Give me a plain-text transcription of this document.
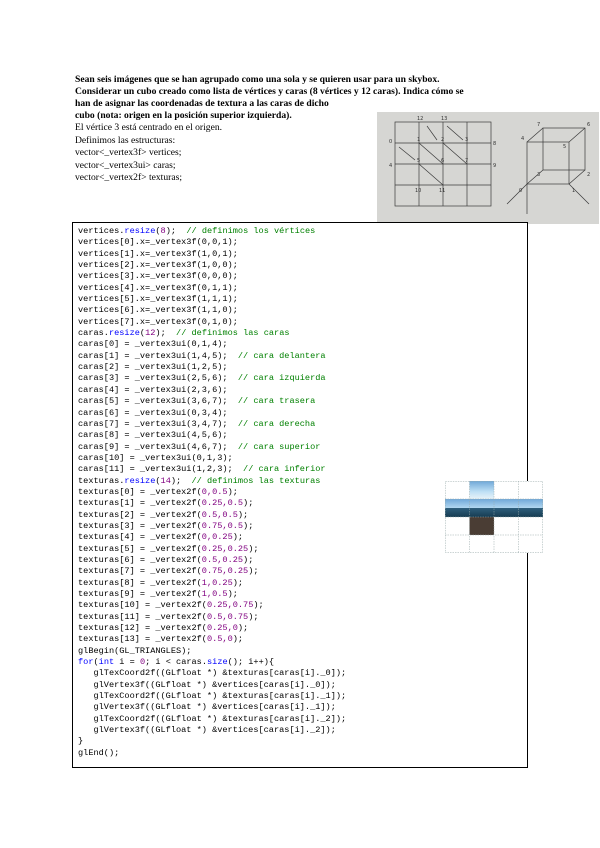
Sean seis imágenes que se han agrupado como una sola y se quieren usar para un skybox.
Considerar un cubo creado como lista de vértices y caras (8 vértices y 12 caras). Indica cómo se
han de asignar las coordenadas de textura a las caras de dicho
cubo (nota: origen en la posición superior izquierda).
El vértice 3 está centrado en el origen.
Definimos las estructuras:
vector<_vertex3f> vertices;
vector<_vertex3ui> caras;
vector<_vertex2f> texturas;
0	1	2	3
4
5	6	7
8
9
10	11
12	13
4
5
7	6
3	2
0	1
vertices.resize(8);  // definimos los vértices
vertices[0].x=_vertex3f(0,0,1);
vertices[1].x=_vertex3f(1,0,1);
vertices[2].x=_vertex3f(1,0,0);
vertices[3].x=_vertex3f(0,0,0);
vertices[4].x=_vertex3f(0,1,1);
vertices[5].x=_vertex3f(1,1,1);
vertices[6].x=_vertex3f(1,1,0);
vertices[7].x=_vertex3f(0,1,0);
caras.resize(12);  // definimos las caras
caras[0] = _vertex3ui(0,1,4);
caras[1] = _vertex3ui(1,4,5);  // cara delantera
caras[2] = _vertex3ui(1,2,5);
caras[3] = _vertex3ui(2,5,6);  // cara izquierda
caras[4] = _vertex3ui(2,3,6);
caras[5] = _vertex3ui(3,6,7);  // cara trasera
caras[6] = _vertex3ui(0,3,4);
caras[7] = _vertex3ui(3,4,7);  // cara derecha
caras[8] = _vertex3ui(4,5,6);
caras[9] = _vertex3ui(4,6,7);  // cara superior
caras[10] = _vertex3ui(0,1,3);
caras[11] = _vertex3ui(1,2,3);  // cara inferior
texturas.resize(14);  // definimos las texturas
texturas[0] = _vertex2f(0,0.5);
texturas[1] = _vertex2f(0.25,0.5);
texturas[2] = _vertex2f(0.5,0.5);
texturas[3] = _vertex2f(0.75,0.5);
texturas[4] = _vertex2f(0,0.25);
texturas[5] = _vertex2f(0.25,0.25);
texturas[6] = _vertex2f(0.5,0.25);
texturas[7] = _vertex2f(0.75,0.25);
texturas[8] = _vertex2f(1,0.25);
texturas[9] = _vertex2f(1,0.5);
texturas[10] = _vertex2f(0.25,0.75);
texturas[11] = _vertex2f(0.5,0.75);
texturas[12] = _vertex2f(0.25,0);
texturas[13] = _vertex2f(0.5,0);
glBegin(GL_TRIANGLES);
for(int i = 0; i < caras.size(); i++){
glTexCoord2f((GLfloat *) &texturas[caras[i]._0]);
glVertex3f((GLfloat *) &vertices[caras[i]._0]);
glTexCoord2f((GLfloat *) &texturas[caras[i]._1]);
glVertex3f((GLfloat *) &vertices[caras[i]._1]);
glTexCoord2f((GLfloat *) &texturas[caras[i]._2]);
glVertex3f((GLfloat *) &vertices[caras[i]._2]);
}
glEnd();
